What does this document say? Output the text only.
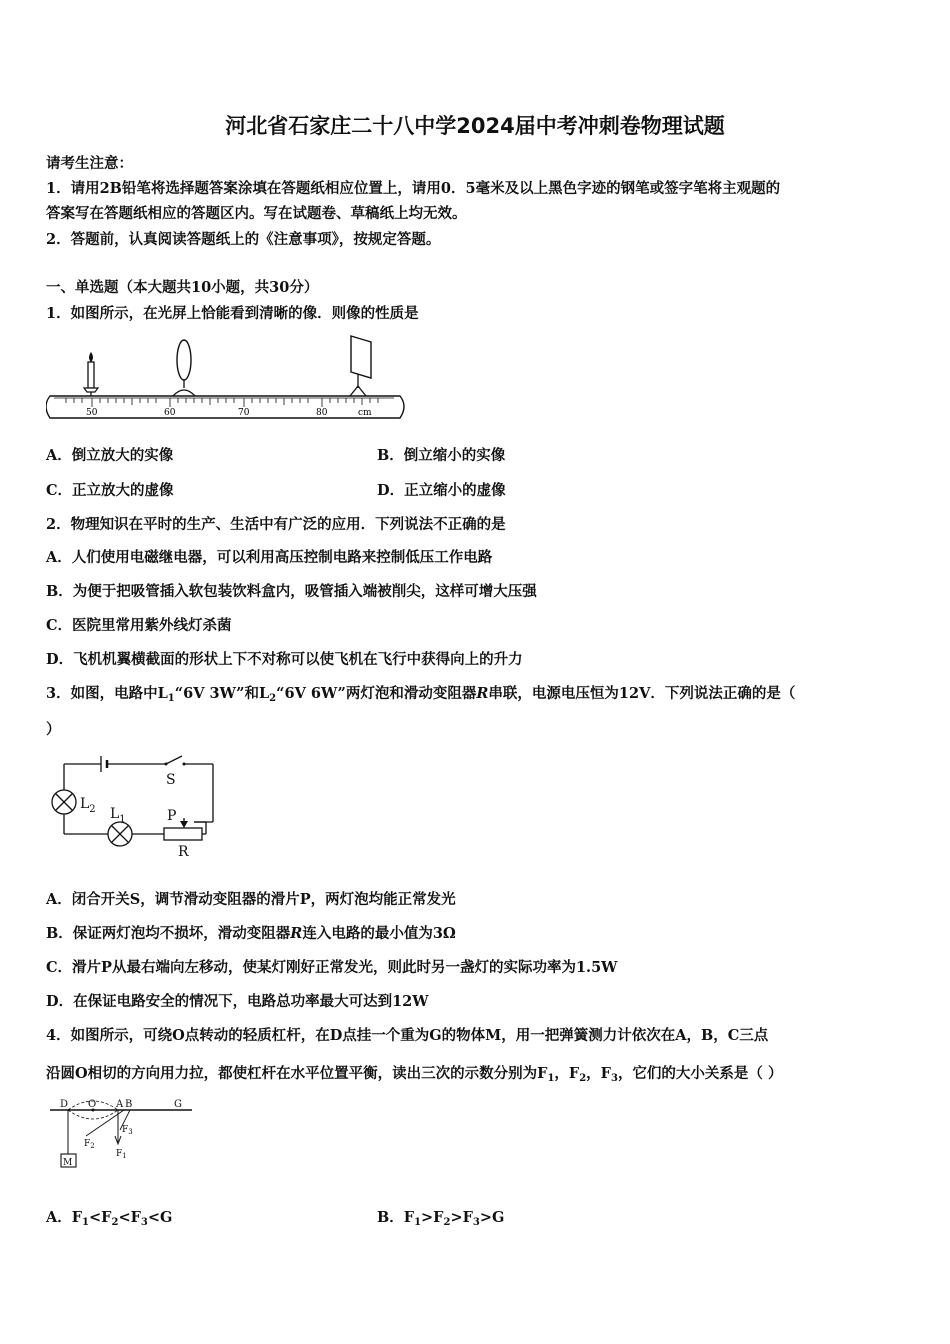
河北省石家庄二十八中学2024届中考冲刺卷物理试题
请考生注意：
1．请用2B铅笔将选择题答案涂填在答题纸相应位置上，请用0．5毫米及以上黑色字迹的钢笔或签字笔将主观题的
答案写在答题纸相应的答题区内。写在试题卷、草稿纸上均无效。
2．答题前，认真阅读答题纸上的《注意事项》，按规定答题。
一、单选题（本大题共10小题，共30分）
1．如图所示，在光屏上恰能看到清晰的像．则像的性质是
50	60	70	80	cm
A．倒立放大的实像	B．倒立缩小的实像
C．正立放大的虚像	D．正立缩小的虚像
2．物理知识在平时的生产、生活中有广泛的应用．下列说法不正确的是
A．人们使用电磁继电器，可以利用高压控制电路来控制低压工作电路
B．为便于把吸管插入软包装饮料盒内，吸管插入端被削尖，这样可增大压强
C．医院里常用紫外线灯杀菌
D．飞机机翼横截面的形状上下不对称可以使飞机在飞行中获得向上的升力
3．如图，电路中$L_1“6V$ 3W”和$L_2“6V$ 6W”两灯泡和滑动变阻器R串联，电源电压恒为12V．下列说法正确的是（
）
S
$L_2$ $L_1$	P
R
A．闭合开关S，调节滑动变阻器的滑片P，两灯泡均能正常发光
B．保证两灯泡均不损坏，滑动变阻器R连入电路的最小值为3Ω
C．滑片P从最右端向左移动，使某灯刚好正常发光，则此时另一盏灯的实际功率为1.5W
D．在保证电路安全的情况下，电路总功率最大可达到12W
4．如图所示，可绕O点转动的轻质杠杆，在D点挂一个重为G的物体M，用一把弹簧测力计依次在A，B，C三点
沿圆O相切的方向用力拉，都使杠杆在水平位置平衡，读出三次的示数分别为$F_1$，$F_2$，$F_3$，它们的大小关系是（ ）
D O A B	G
M
$F_2$
$F_3$
$F_1$
A．$F_1<F_2<F_3<G$	B．$F_1>F_2>F_3>G$
